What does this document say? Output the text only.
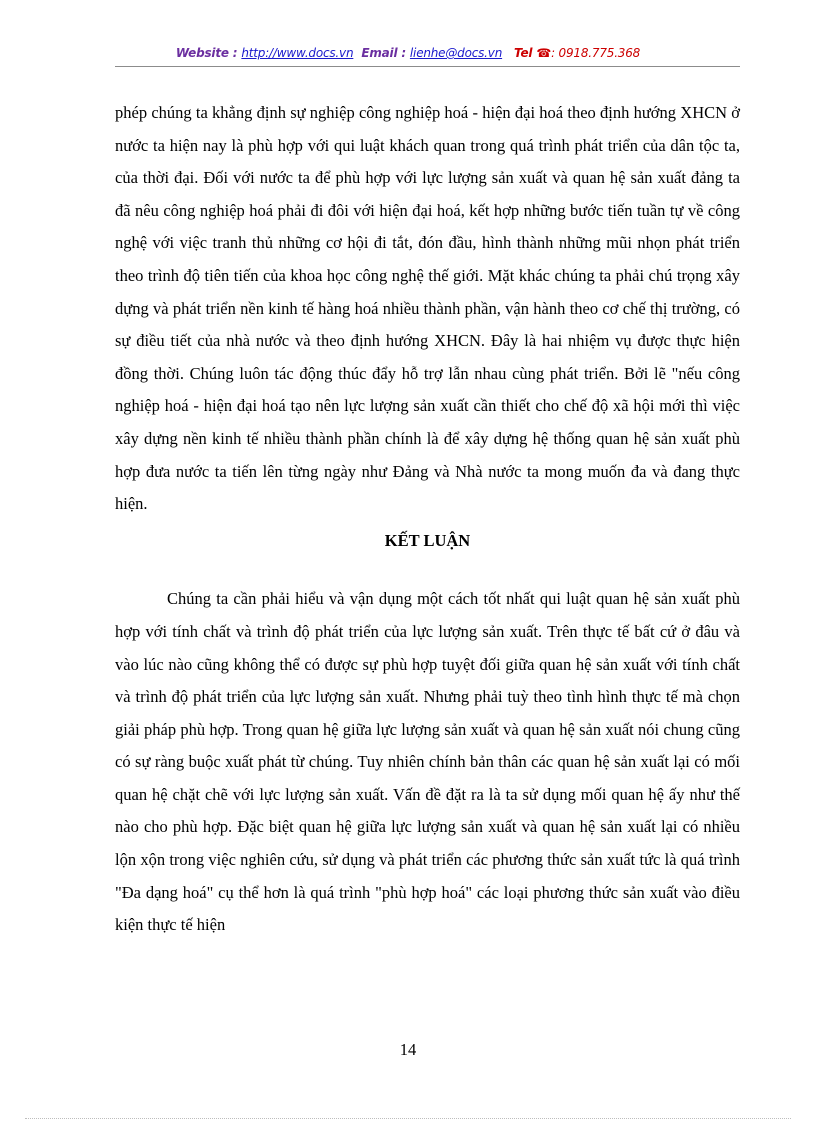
Website : http://www.docs.vn Email : lienhe@docs.vn Tel ☎: 0918.775.368

phép chúng ta khẳng định sự nghiệp công nghiệp hoá - hiện đại hoá theo định hướng XHCN ở nước ta hiện nay là phù hợp với qui luật khách quan trong quá trình phát triển của dân tộc ta, của thời đại. Đối với nước ta để phù hợp với lực lượng sản xuất và quan hệ sản xuất đảng ta đã nêu công nghiệp hoá phải đi đôi với hiện đại hoá, kết hợp những bước tiến tuần tự về công nghệ với việc tranh thủ những cơ hội đi tắt, đón đầu, hình thành những mũi nhọn phát triển theo trình độ tiên tiến của khoa học công nghệ thế giới. Mặt khác chúng ta phải chú trọng xây dựng và phát triển nền kinh tế hàng hoá nhiều thành phần, vận hành theo cơ chế thị trường, có sự điều tiết của nhà nước và theo định hướng XHCN. Đây là hai nhiệm vụ được thực hiện đồng thời. Chúng luôn tác động thúc đẩy hỗ trợ lẫn nhau cùng phát triển. Bởi lẽ "nếu công nghiệp hoá - hiện đại hoá tạo nên lực lượng sản xuất cần thiết cho chế độ xã hội mới thì việc xây dựng nền kinh tế nhiều thành phần chính là để xây dựng hệ thống quan hệ sản xuất phù hợp đưa nước ta tiến lên từng ngày như Đảng và Nhà nước ta mong muốn đa và đang thực hiện.

KẾT LUẬN

Chúng ta cần phải hiểu và vận dụng một cách tốt nhất qui luật quan hệ sản xuất phù hợp với tính chất và trình độ phát triển của lực lượng sản xuất. Trên thực tế bất cứ ở đâu và vào lúc nào cũng không thể có được sự phù hợp tuyệt đối giữa quan hệ sản xuất với tính chất và trình độ phát triển của lực lượng sản xuất. Nhưng phải tuỳ theo tình hình thực tế mà chọn giải pháp phù hợp. Trong quan hệ giữa lực lượng sản xuất và quan hệ sản xuất nói chung cũng có sự ràng buộc xuất phát từ chúng. Tuy nhiên chính bản thân các quan hệ sản xuất lại có mối quan hệ chặt chẽ với lực lượng sản xuất. Vấn đề đặt ra là ta sử dụng mối quan hệ ấy như thế nào cho phù hợp. Đặc biệt quan hệ giữa lực lượng sản xuất và quan hệ sản xuất lại có nhiều lộn xộn trong việc nghiên cứu, sử dụng và phát triển các phương thức sản xuất tức là quá trình "Đa dạng hoá" cụ thể hơn là quá trình "phù hợp hoá" các loại phương thức sản xuất vào điều kiện thực tế hiện

14
